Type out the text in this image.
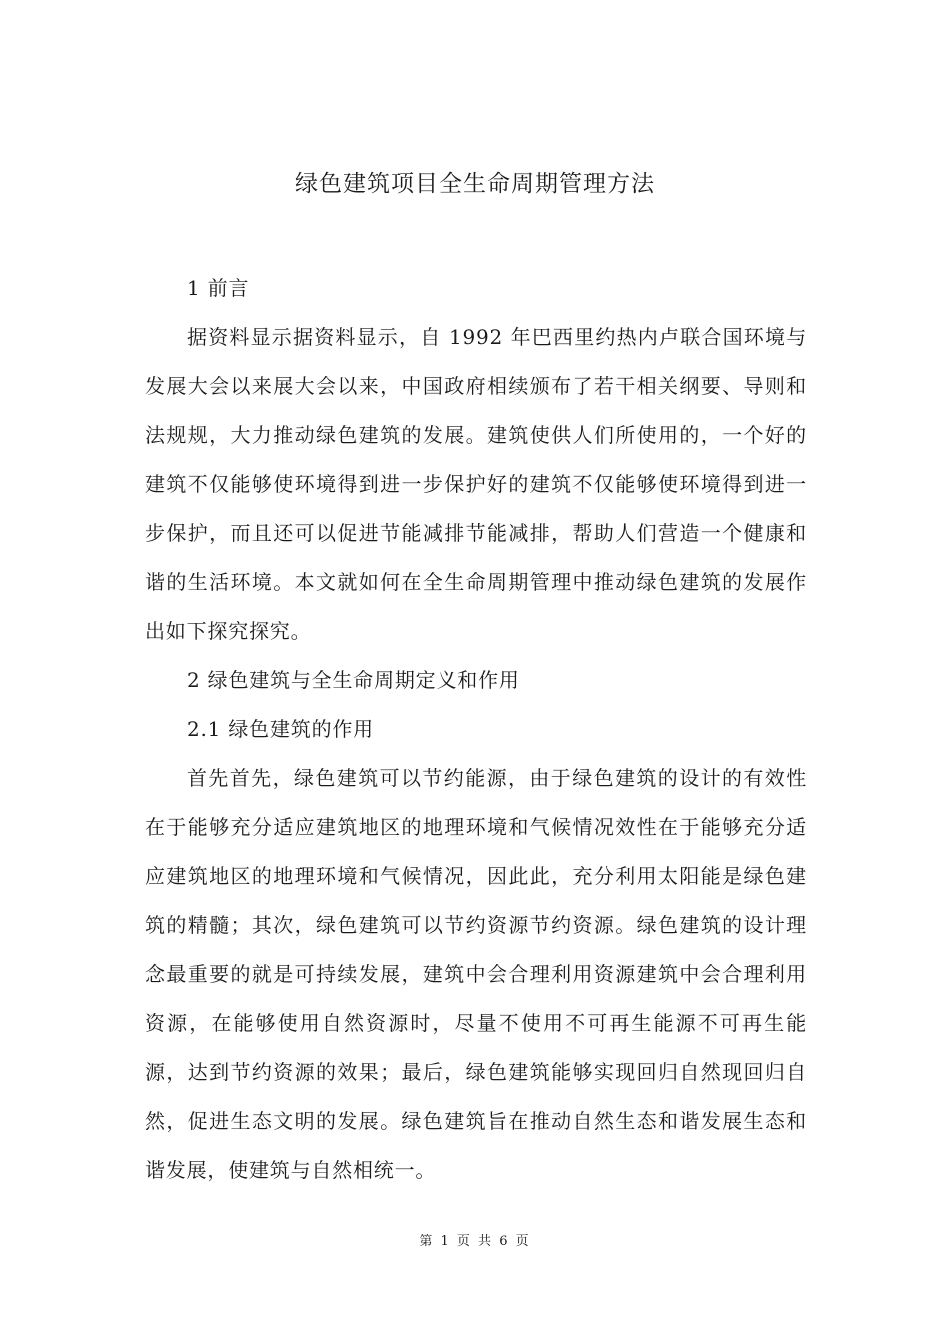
绿色建筑项目全生命周期管理方法

1 前言

据资料显示据资料显示，自 1992 年巴西里约热内卢联合国环境与发展大会以来展大会以来，中国政府相续颁布了若干相关纲要、导则和法规规，大力推动绿色建筑的发展。建筑使供人们所使用的，一个好的建筑不仅能够使环境得到进一步保护好的建筑不仅能够使环境得到进一步保护，而且还可以促进节能减排节能减排，帮助人们营造一个健康和谐的生活环境。本文就如何在全生命周期管理中推动绿色建筑的发展作出如下探究探究。

2 绿色建筑与全生命周期定义和作用

2.1 绿色建筑的作用

首先首先，绿色建筑可以节约能源，由于绿色建筑的设计的有效性在于能够充分适应建筑地区的地理环境和气候情况效性在于能够充分适应建筑地区的地理环境和气候情况，因此此，充分利用太阳能是绿色建筑的精髓；其次，绿色建筑可以节约资源节约资源。绿色建筑的设计理念最重要的就是可持续发展，建筑中会合理利用资源建筑中会合理利用资源，在能够使用自然资源时，尽量不使用不可再生能源不可再生能源，达到节约资源的效果；最后，绿色建筑能够实现回归自然现回归自然，促进生态文明的发展。绿色建筑旨在推动自然生态和谐发展生态和谐发展，使建筑与自然相统一。

第 1 页 共 6 页
